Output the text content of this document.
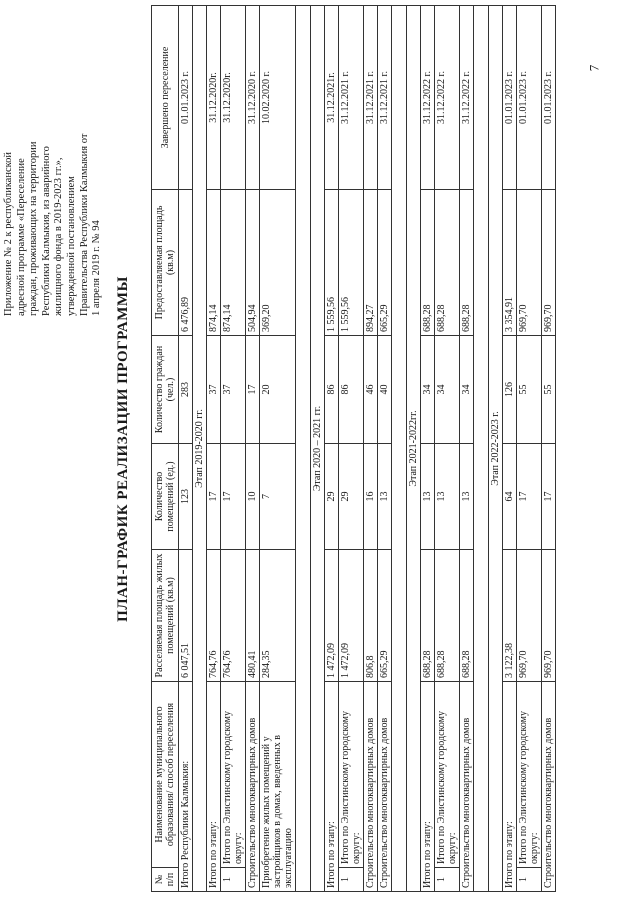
7
Приложение № 2 к республиканской адресной программе «Переселение граждан, проживающих на территории Республики Калмыкия, из аварийного жилищного фонда в 2019-2023 гг.», утвержденной постановлением Правительства Республики Калмыкия от 1 апреля 2019 г. № 94
ПЛАН-ГРАФИК РЕАЛИЗАЦИИ ПРОГРАММЫ
№ п/п	Наименование муниципального образования/ способ переселения	Расселяемая площадь жилых помещений (кв.м)	Количество помещений (ед.)	Количество граждан (чел.)	Предоставляемая площадь (кв.м)	Завершено переселение
Итого Республики Калмыкия:		6 047,51	123	283	6 476,89	01.01.2023 г.
Этап 2019-2020 гг.						
Итого по этапу:		764,76	17	37	874,14	31.12.2020г.
1	Итого по Элистинскому городскому округу:	764,76	17	37	874,14	31.12.2020г.
Строительство многоквартирных домов		480,41	10	17	504,94	31.12.2020 г.
Приобретение жилых помещений у застройщиков в домах, введенных в эксплуатацию		284,35	7	20	369,20	10.02.2020 г.

Этап 2020 – 2021 гг.						
Итого по этапу:		1 472,09	29	86	1 559,56	31.12.2021г.
1	Итого по Элистинскому городскому округу:	1 472,09	29	86	1 559,56	31.12.2021 г.
Строительство многоквартирных домов		806,8	16	46	894,27	31.12.2021 г.
Строительство многоквартирных домов		665,29	13	40	665,29	31.12.2021 г.

Этап 2021-2022гг.						
Итого по этапу:		688,28	13	34	688,28	31.12.2022 г.
1	Итого по Элистинскому городскому округу:	688,28	13	34	688,28	31.12.2022 г.
Строительство многоквартирных домов		688,28	13	34	688,28	31.12.2022 г.

Этап 2022-2023 г.						
Итого по этапу:		3 122,38	64	126	3 354,91	01.01.2023 г.
1	Итого по Элистинскому городскому округу:	969,70	17	55	969,70	01.01.2023 г.
Строительство многоквартирных домов		969,70	17	55	969,70	01.01.2023 г.
